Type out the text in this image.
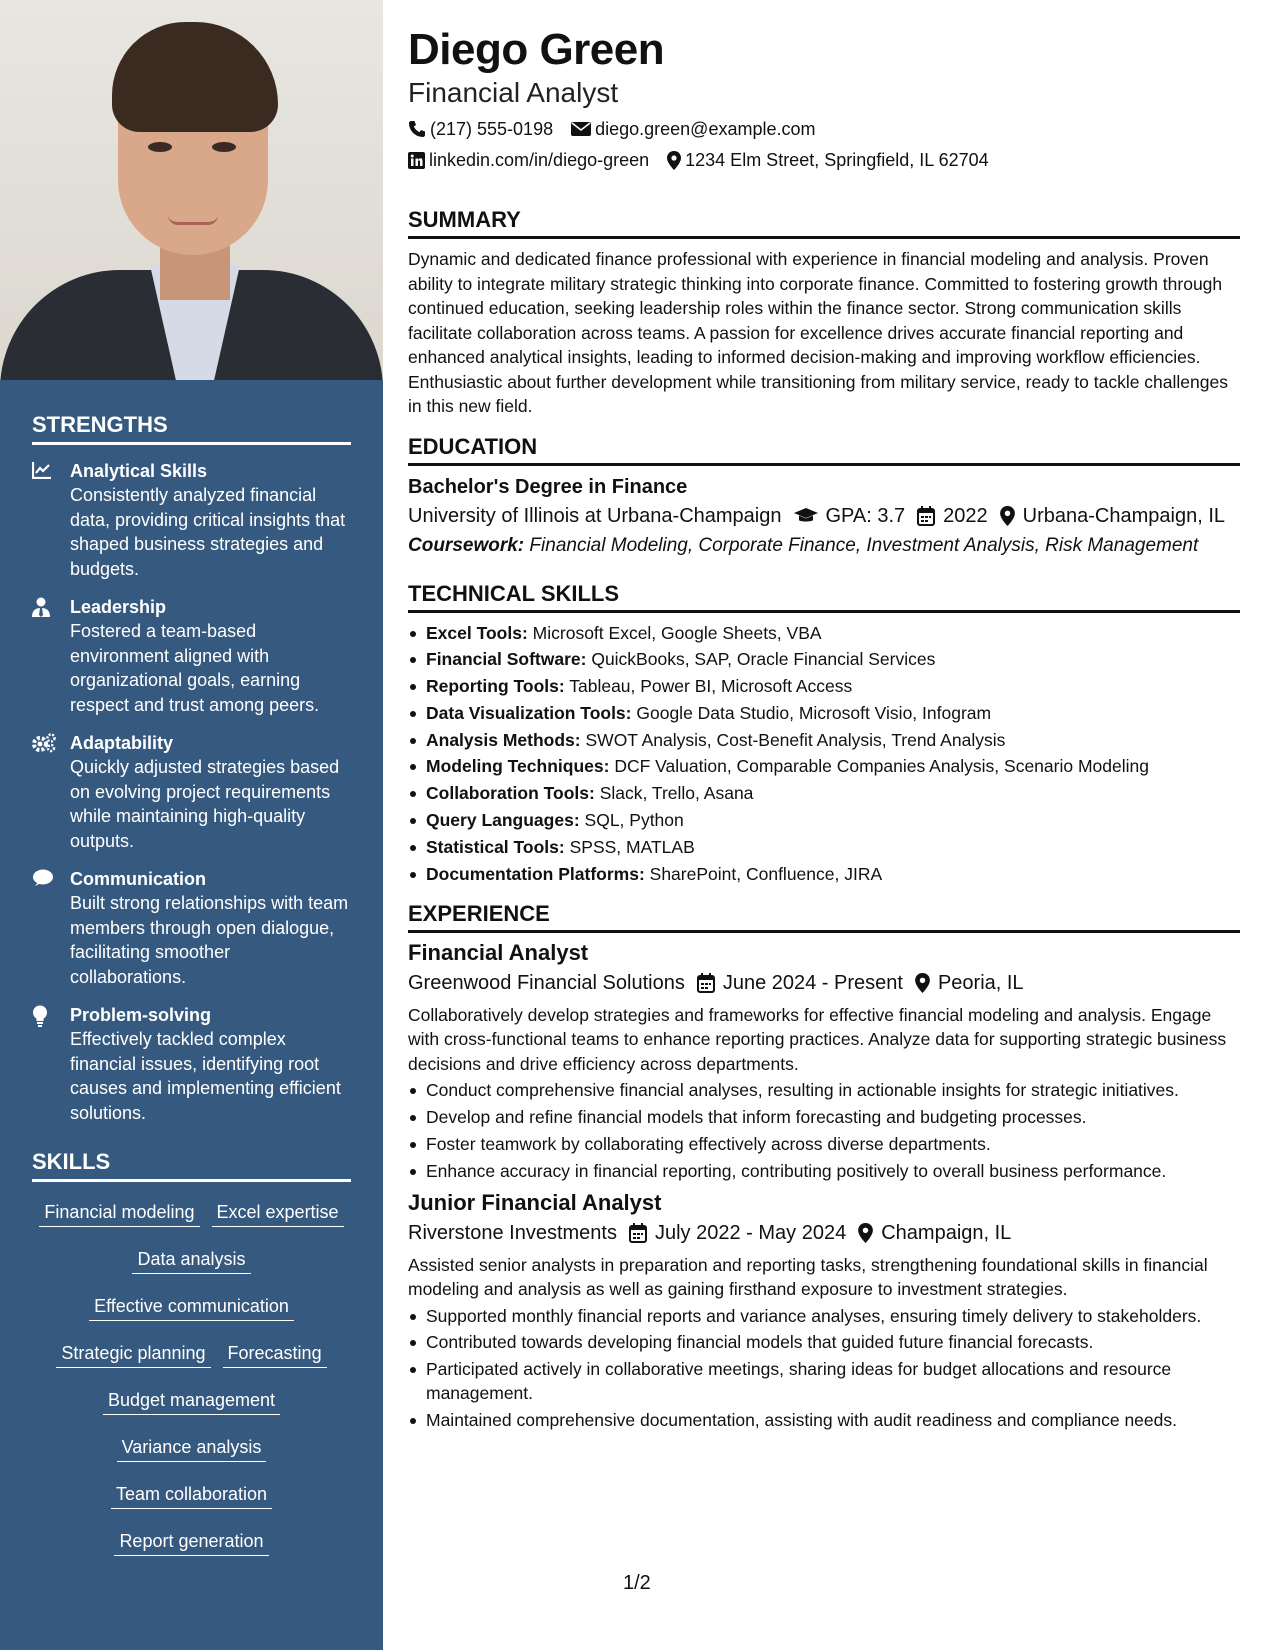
STRENGTHS
Analytical Skills
Consistently analyzed financial data, providing critical insights that shaped business strategies and budgets.
Leadership
Fostered a team-based environment aligned with organizational goals, earning respect and trust among peers.
Adaptability
Quickly adjusted strategies based on evolving project requirements while maintaining high-quality outputs.
Communication
Built strong relationships with team members through open dialogue, facilitating smoother collaborations.
Problem-solving
Effectively tackled complex financial issues, identifying root causes and implementing efficient solutions.
SKILLS
Financial modeling Excel expertise
Data analysis
Effective communication
Strategic planning Forecasting
Budget management
Variance analysis
Team collaboration
Report generation
Diego Green
Financial Analyst
(217) 555-0198 diego.green@example.com
linkedin.com/in/diego-green 1234 Elm Street, Springfield, IL 62704
SUMMARY
Dynamic and dedicated finance professional with experience in financial modeling and analysis. Proven ability to integrate military strategic thinking into corporate finance. Committed to fostering growth through continued education, seeking leadership roles within the finance sector. Strong communication skills facilitate collaboration across teams. A passion for excellence drives accurate financial reporting and enhanced analytical insights, leading to informed decision-making and improving workflow efficiencies. Enthusiastic about further development while transitioning from military service, ready to tackle challenges in this new field.
EDUCATION
Bachelor's Degree in Finance
University of Illinois at Urbana-Champaign GPA: 3.7 2022 Urbana-Champaign, IL
Coursework: Financial Modeling, Corporate Finance, Investment Analysis, Risk Management
TECHNICAL SKILLS
Excel Tools: Microsoft Excel, Google Sheets, VBA
Financial Software: QuickBooks, SAP, Oracle Financial Services
Reporting Tools: Tableau, Power BI, Microsoft Access
Data Visualization Tools: Google Data Studio, Microsoft Visio, Infogram
Analysis Methods: SWOT Analysis, Cost-Benefit Analysis, Trend Analysis
Modeling Techniques: DCF Valuation, Comparable Companies Analysis, Scenario Modeling
Collaboration Tools: Slack, Trello, Asana
Query Languages: SQL, Python
Statistical Tools: SPSS, MATLAB
Documentation Platforms: SharePoint, Confluence, JIRA
EXPERIENCE
Financial Analyst
Greenwood Financial Solutions June 2024 - Present Peoria, IL
Collaboratively develop strategies and frameworks for effective financial modeling and analysis. Engage with cross-functional teams to enhance reporting practices. Analyze data for supporting strategic business decisions and drive efficiency across departments.
Conduct comprehensive financial analyses, resulting in actionable insights for strategic initiatives.
Develop and refine financial models that inform forecasting and budgeting processes.
Foster teamwork by collaborating effectively across diverse departments.
Enhance accuracy in financial reporting, contributing positively to overall business performance.
Junior Financial Analyst
Riverstone Investments July 2022 - May 2024 Champaign, IL
Assisted senior analysts in preparation and reporting tasks, strengthening foundational skills in financial modeling and analysis as well as gaining firsthand exposure to investment strategies.
Supported monthly financial reports and variance analyses, ensuring timely delivery to stakeholders.
Contributed towards developing financial models that guided future financial forecasts.
Participated actively in collaborative meetings, sharing ideas for budget allocations and resource management.
Maintained comprehensive documentation, assisting with audit readiness and compliance needs.
1/2
